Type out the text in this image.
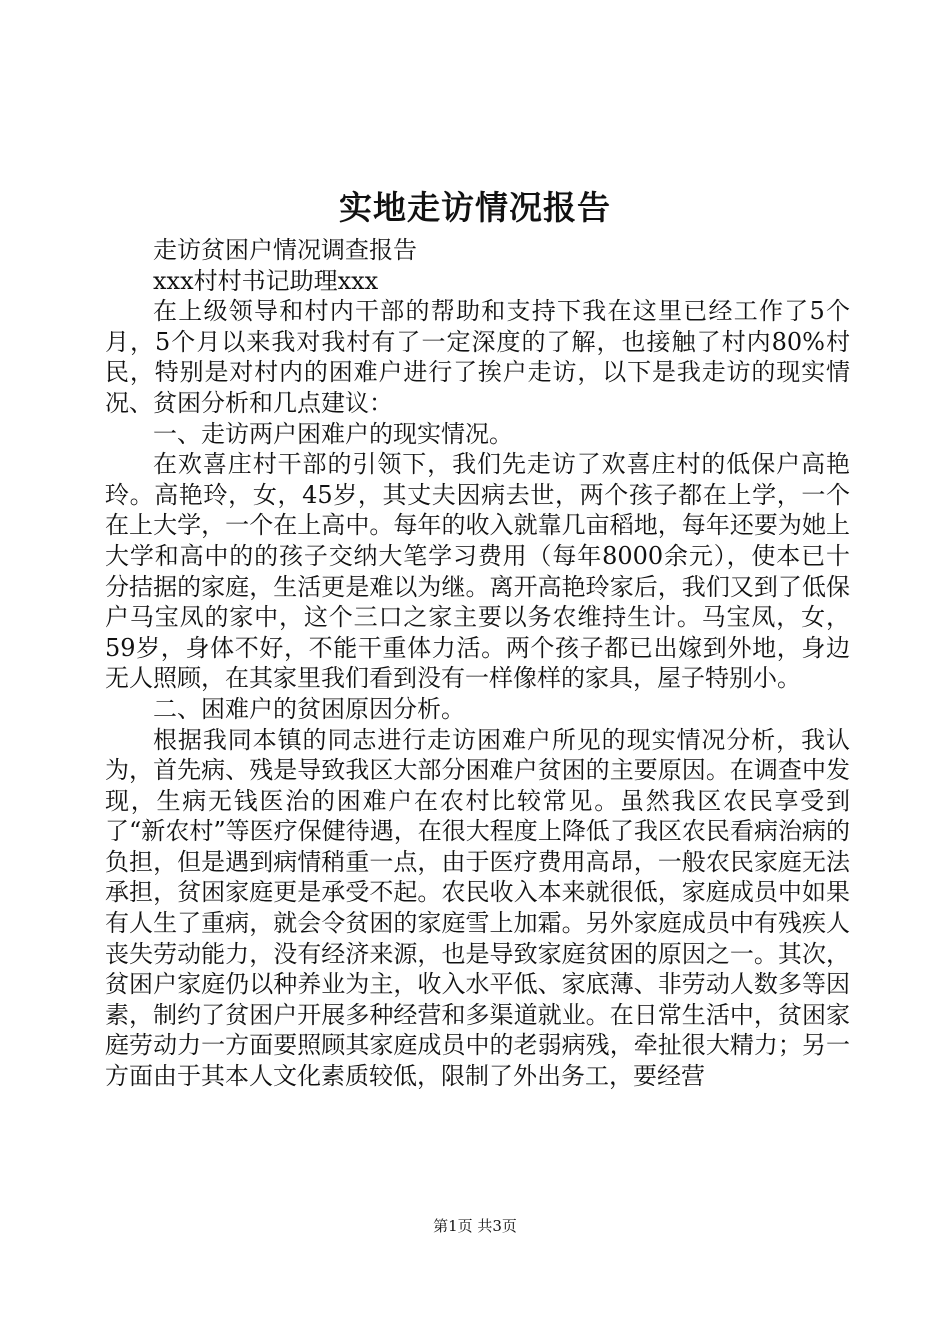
实地走访情况报告

走访贫困户情况调查报告

xxx村村书记助理xxx

在上级领导和村内干部的帮助和支持下我在这里已经工作了5个月，5个月以来我对我村有了一定深度的了解，也接触了村内80%村民，特别是对村内的困难户进行了挨户走访，以下是我走访的现实情况、贫困分析和几点建议：

一、走访两户困难户的现实情况。

在欢喜庄村干部的引领下，我们先走访了欢喜庄村的低保户高艳玲。高艳玲，女，45岁，其丈夫因病去世，两个孩子都在上学，一个在上大学，一个在上高中。每年的收入就靠几亩稻地，每年还要为她上大学和高中的的孩子交纳大笔学习费用（每年8000余元），使本已十分拮据的家庭，生活更是难以为继。离开高艳玲家后，我们又到了低保户马宝凤的家中，这个三口之家主要以务农维持生计。马宝凤，女，59岁，身体不好，不能干重体力活。两个孩子都已出嫁到外地，身边无人照顾，在其家里我们看到没有一样像样的家具，屋子特别小。

二、困难户的贫困原因分析。

根据我同本镇的同志进行走访困难户所见的现实情况分析，我认为，首先病、残是导致我区大部分困难户贫困的主要原因。在调查中发现，生病无钱医治的困难户在农村比较常见。虽然我区农民享受到了“新农村”等医疗保健待遇，在很大程度上降低了我区农民看病治病的负担，但是遇到病情稍重一点，由于医疗费用高昂，一般农民家庭无法承担，贫困家庭更是承受不起。农民收入本来就很低，家庭成员中如果有人生了重病，就会令贫困的家庭雪上加霜。另外家庭成员中有残疾人丧失劳动能力，没有经济来源，也是导致家庭贫困的原因之一。其次，贫困户家庭仍以种养业为主，收入水平低、家底薄、非劳动人数多等因素，制约了贫困户开展多种经营和多渠道就业。在日常生活中，贫困家庭劳动力一方面要照顾其家庭成员中的老弱病残，牵扯很大精力；另一方面由于其本人文化素质较低，限制了外出务工，要经营

第1页 共3页
